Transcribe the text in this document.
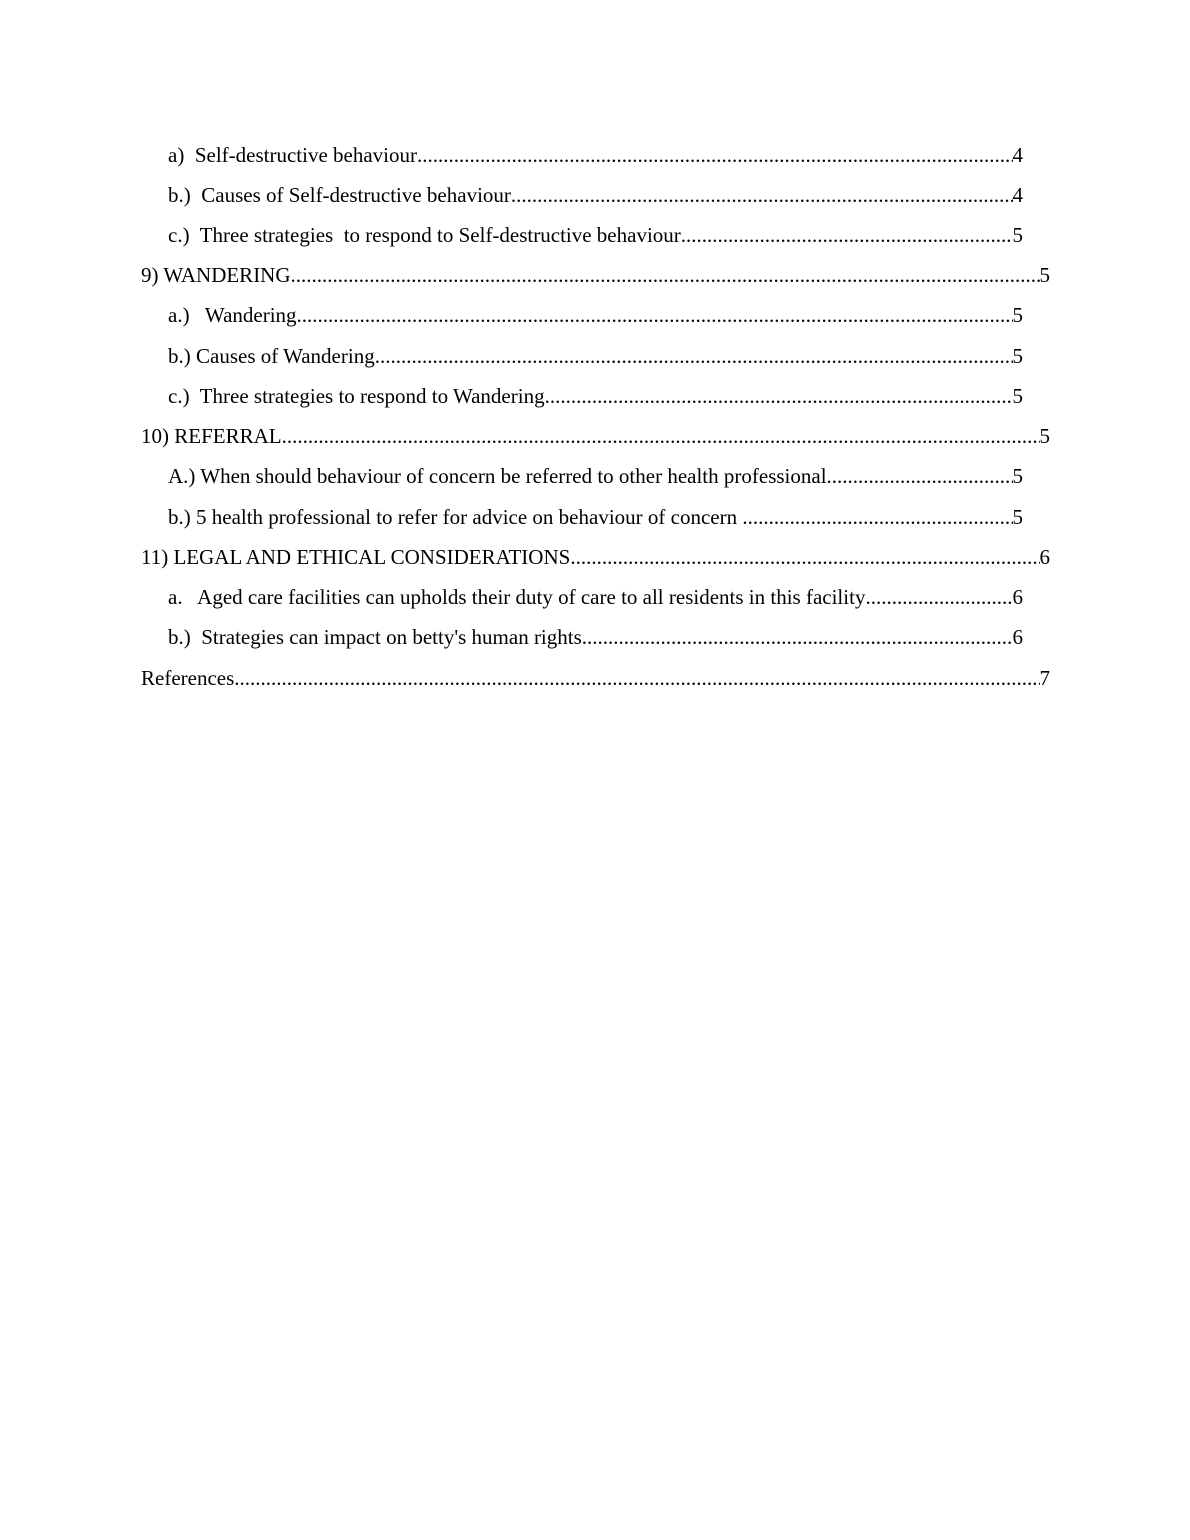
a)  Self-destructive behaviour .....	4
b.)  Causes of Self-destructive behaviour .....	4
c.)  Three strategies  to respond to Self-destructive behaviour .....	5
9) WANDERING .....	5
a.)   Wandering .....	5
b.) Causes of Wandering .....	5
c.)  Three strategies to respond to Wandering .....	5
10) REFERRAL .....	5
A.) When should behaviour of concern be referred to other health professional .....	5
b.) 5 health professional to refer for advice on behaviour of concern .....	5
11) LEGAL AND ETHICAL CONSIDERATIONS .....	6
a.   Aged care facilities can upholds their duty of care to all residents in this facility .....	6
b.)  Strategies can impact on betty's human rights .....	6
References .....	7
